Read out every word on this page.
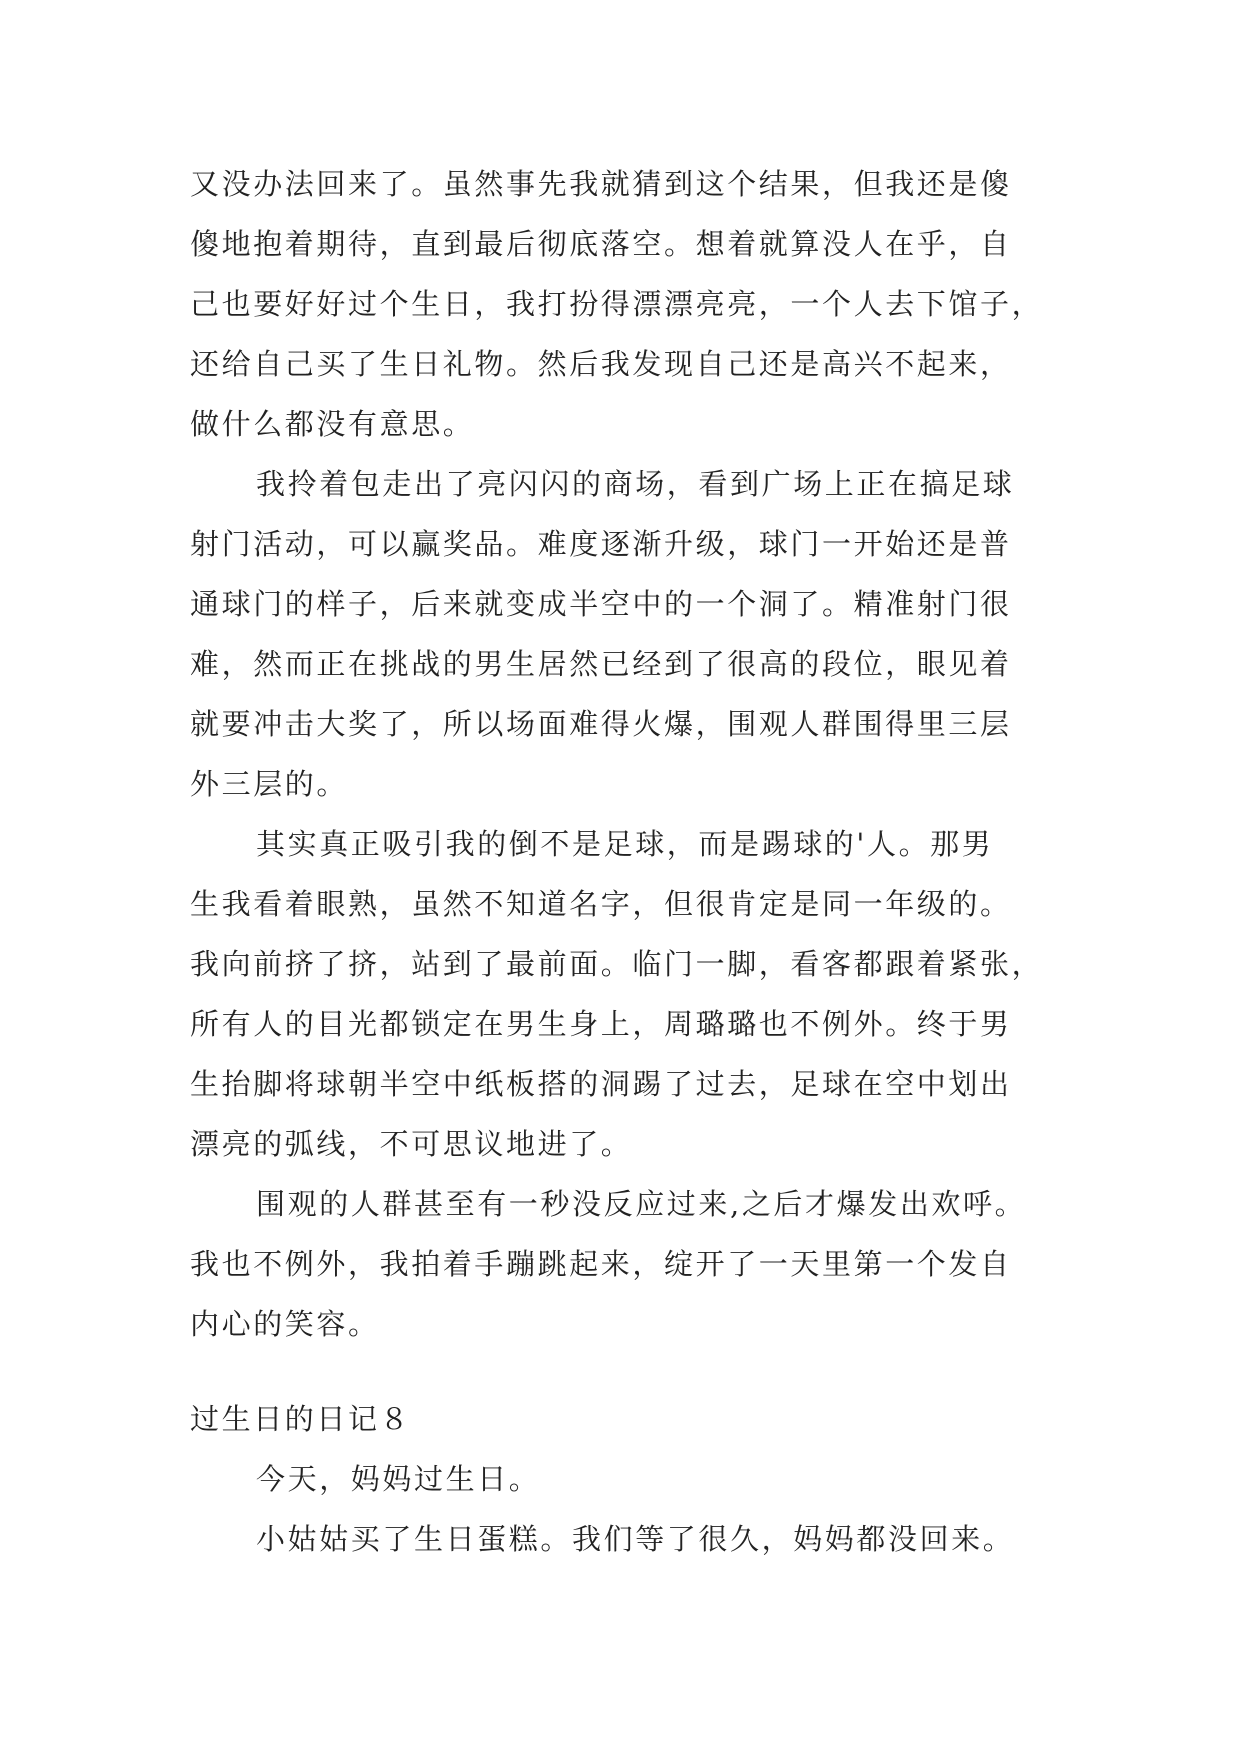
又没办法回来了。虽然事先我就猜到这个结果，但我还是傻
傻地抱着期待，直到最后彻底落空。想着就算没人在乎，自
己也要好好过个生日，我打扮得漂漂亮亮，一个人去下馆子，
还给自己买了生日礼物。然后我发现自己还是高兴不起来，
做什么都没有意思。
我拎着包走出了亮闪闪的商场，看到广场上正在搞足球
射门活动，可以赢奖品。难度逐渐升级，球门一开始还是普
通球门的样子，后来就变成半空中的一个洞了。精准射门很
难，然而正在挑战的男生居然已经到了很高的段位，眼见着
就要冲击大奖了，所以场面难得火爆，围观人群围得里三层
外三层的。
其实真正吸引我的倒不是足球，而是踢球的'人。那男
生我看着眼熟，虽然不知道名字，但很肯定是同一年级的。
我向前挤了挤，站到了最前面。临门一脚，看客都跟着紧张，
所有人的目光都锁定在男生身上，周璐璐也不例外。终于男
生抬脚将球朝半空中纸板搭的洞踢了过去，足球在空中划出
漂亮的弧线，不可思议地进了。
围观的人群甚至有一秒没反应过来,之后才爆发出欢呼。
我也不例外，我拍着手蹦跳起来，绽开了一天里第一个发自
内心的笑容。
过生日的日记８
今天，妈妈过生日。
小姑姑买了生日蛋糕。我们等了很久，妈妈都没回来。
